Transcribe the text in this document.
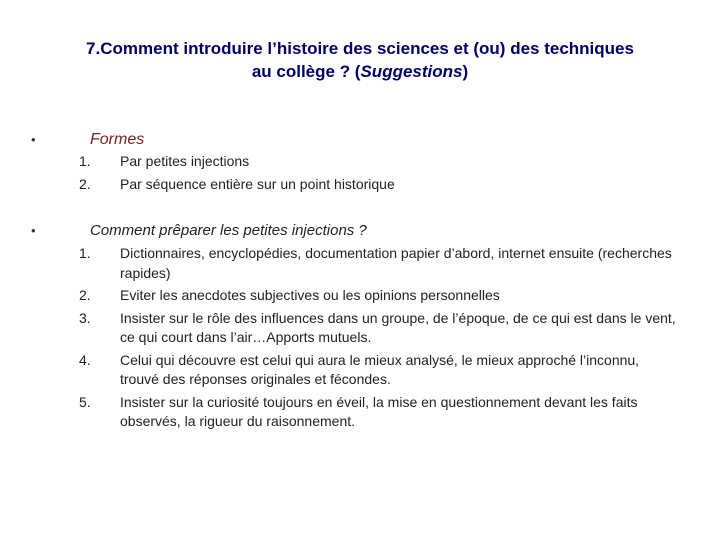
7.Comment introduire l’histoire des sciences et (ou) des techniques
au collège ? (Suggestions)
•	Formes
1. Par petites injections
2. Par séquence entière sur un point historique
•	Comment prêparer les petites injections ?
1. Dictionnaires, encyclopédies, documentation papier d’abord, internet ensuite (recherches rapides)
2. Eviter les anecdotes subjectives ou les opinions personnelles
3. Insister sur le rôle des influences dans un groupe, de l’époque, de ce qui est dans le vent, ce qui court dans l’air…Apports mutuels.
4. Celui qui découvre est celui qui aura le mieux analysé, le mieux approché l’inconnu, trouvé des réponses originales et fécondes.
5. Insister sur la curiosité toujours en éveil, la mise en questionnement devant les faits observés, la rigueur du raisonnement.
